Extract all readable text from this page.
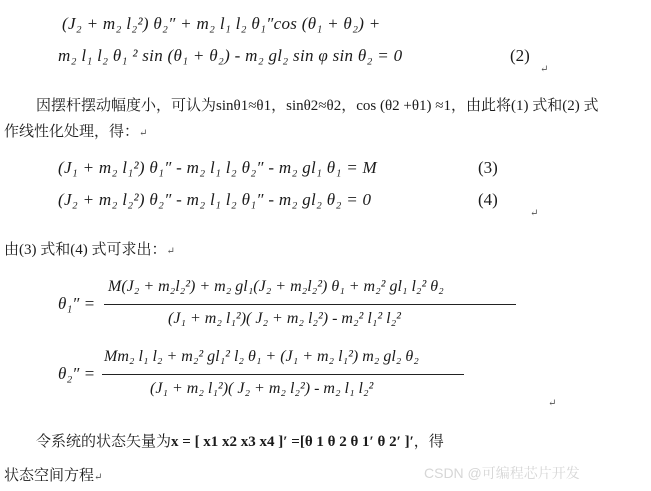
(J₂ + m₂ l₂²) θ₂″ + m₂ l₁ l₂ θ₁″cos (θ₁ + θ₂) +
m₂ l₁ l₂ θ₁ ² sin (θ₁ + θ₂) - m₂ gl₂ sin φ sin θ₂ = 0	(2)
↵
因摆杆摆动幅度小，可认为sinθ1≈θ1，sinθ2≈θ2，cos (θ2 +θ1) ≈1，由此将(1) 式和(2) 式
作线性化处理，得：↵
(J₁ + m₂ l₁²) θ₁″ - m₂ l₁ l₂ θ₂″ - m₂ gl₁ θ₁ = M	(3)
(J₂ + m₂ l₂²) θ₂″ - m₂ l₁ l₂ θ₁″ - m₂ gl₂ θ₂ = 0	(4)
↵
由(3) 式和(4) 式可求出：↵
θ₁″ =
M(J₂ + m₂l₂²) + m₂ gl₁(J₂ + m₂l₂²) θ₁ + m₂² gl₁ l₂² θ₂
(J₁ + m₂ l₁²)( J₂ + m₂ l₂²) - m₂² l₁² l₂²
θ₂″ =
Mm₂ l₁ l₂ + m₂² gl₁² l₂ θ₁ + (J₁ + m₂ l₁²) m₂ gl₂ θ₂
(J₁ + m₂ l₁²)( J₂ + m₂ l₂²) - m₂ l₁ l₂²
↵
令系统的状态矢量为x = [ x1 x2 x3 x4 ]′ =[θ 1 θ 2 θ 1′ θ 2′ ]′，得
状态空间方程↵	CSDN @可编程芯片开发
